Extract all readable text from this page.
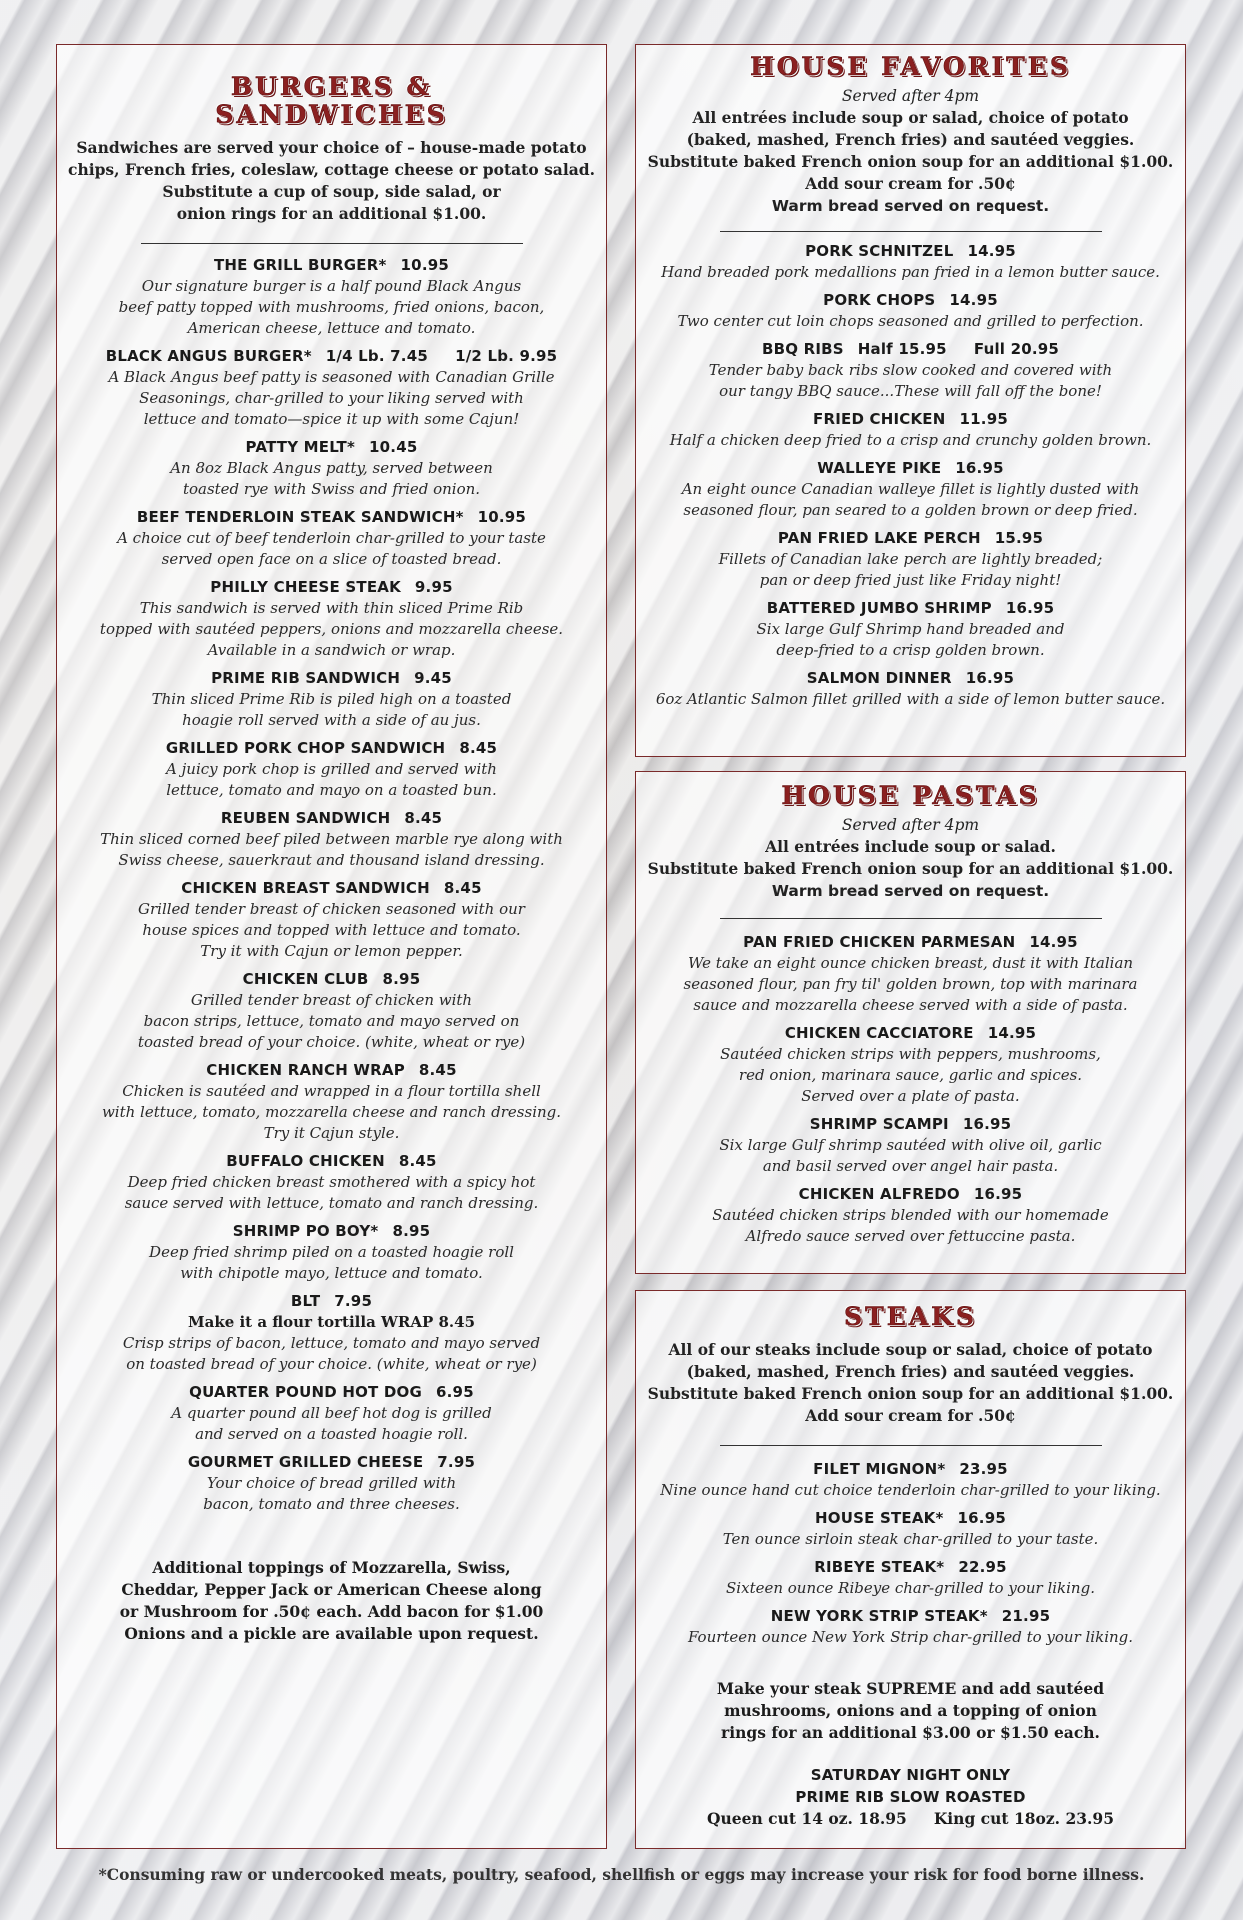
BURGERS &
SANDWICHES
Sandwiches are served your choice of – house-made potato
chips, French fries, coleslaw, cottage cheese or potato salad.
Substitute a cup of soup, side salad, or
onion rings for an additional $1.00.
THE GRILL BURGER* 10.95
Our signature burger is a half pound Black Angus
beef patty topped with mushrooms, fried onions, bacon,
American cheese, lettuce and tomato.
BLACK ANGUS BURGER* 1/4 Lb. 7.45     1/2 Lb. 9.95
A Black Angus beef patty is seasoned with Canadian Grille
Seasonings, char-grilled to your liking served with
lettuce and tomato—spice it up with some Cajun!
PATTY MELT* 10.45
An 8oz Black Angus patty, served between
toasted rye with Swiss and fried onion.
BEEF TENDERLOIN STEAK SANDWICH* 10.95
A choice cut of beef tenderloin char-grilled to your taste
served open face on a slice of toasted bread.
PHILLY CHEESE STEAK 9.95
This sandwich is served with thin sliced Prime Rib
topped with sautéed peppers, onions and mozzarella cheese.
Available in a sandwich or wrap.
PRIME RIB SANDWICH 9.45
Thin sliced Prime Rib is piled high on a toasted
hoagie roll served with a side of au jus.
GRILLED PORK CHOP SANDWICH 8.45
A juicy pork chop is grilled and served with
lettuce, tomato and mayo on a toasted bun.
REUBEN SANDWICH 8.45
Thin sliced corned beef piled between marble rye along with
Swiss cheese, sauerkraut and thousand island dressing.
CHICKEN BREAST SANDWICH 8.45
Grilled tender breast of chicken seasoned with our
house spices and topped with lettuce and tomato.
Try it with Cajun or lemon pepper.
CHICKEN CLUB 8.95
Grilled tender breast of chicken with
bacon strips, lettuce, tomato and mayo served on
toasted bread of your choice. (white, wheat or rye)
CHICKEN RANCH WRAP 8.45
Chicken is sautéed and wrapped in a flour tortilla shell
with lettuce, tomato, mozzarella cheese and ranch dressing.
Try it Cajun style.
BUFFALO CHICKEN 8.45
Deep fried chicken breast smothered with a spicy hot
sauce served with lettuce, tomato and ranch dressing.
SHRIMP PO BOY* 8.95
Deep fried shrimp piled on a toasted hoagie roll
with chipotle mayo, lettuce and tomato.
BLT 7.95
Make it a flour tortilla WRAP 8.45
Crisp strips of bacon, lettuce, tomato and mayo served
on toasted bread of your choice. (white, wheat or rye)
QUARTER POUND HOT DOG 6.95
A quarter pound all beef hot dog is grilled
and served on a toasted hoagie roll.
GOURMET GRILLED CHEESE 7.95
Your choice of bread grilled with
bacon, tomato and three cheeses.
Additional toppings of Mozzarella, Swiss,
Cheddar, Pepper Jack or American Cheese along
or Mushroom for .50¢ each. Add bacon for $1.00
Onions and a pickle are available upon request.
HOUSE FAVORITES
Served after 4pm
All entrées include soup or salad, choice of potato
(baked, mashed, French fries) and sautéed veggies.
Substitute baked French onion soup for an additional $1.00.
Add sour cream for .50¢
Warm bread served on request.
PORK SCHNITZEL 14.95
Hand breaded pork medallions pan fried in a lemon butter sauce.
PORK CHOPS 14.95
Two center cut loin chops seasoned and grilled to perfection.
BBQ RIBS Half 15.95     Full 20.95
Tender baby back ribs slow cooked and covered with
our tangy BBQ sauce...These will fall off the bone!
FRIED CHICKEN 11.95
Half a chicken deep fried to a crisp and crunchy golden brown.
WALLEYE PIKE 16.95
An eight ounce Canadian walleye fillet is lightly dusted with
seasoned flour, pan seared to a golden brown or deep fried.
PAN FRIED LAKE PERCH 15.95
Fillets of Canadian lake perch are lightly breaded;
pan or deep fried just like Friday night!
BATTERED JUMBO SHRIMP 16.95
Six large Gulf Shrimp hand breaded and
deep-fried to a crisp golden brown.
SALMON DINNER 16.95
6oz Atlantic Salmon fillet grilled with a side of lemon butter sauce.
HOUSE PASTAS
Served after 4pm
All entrées include soup or salad.
Substitute baked French onion soup for an additional $1.00.
Warm bread served on request.
PAN FRIED CHICKEN PARMESAN 14.95
We take an eight ounce chicken breast, dust it with Italian
seasoned flour, pan fry til' golden brown, top with marinara
sauce and mozzarella cheese served with a side of pasta.
CHICKEN CACCIATORE 14.95
Sautéed chicken strips with peppers, mushrooms,
red onion, marinara sauce, garlic and spices.
Served over a plate of pasta.
SHRIMP SCAMPI 16.95
Six large Gulf shrimp sautéed with olive oil, garlic
and basil served over angel hair pasta.
CHICKEN ALFREDO 16.95
Sautéed chicken strips blended with our homemade
Alfredo sauce served over fettuccine pasta.
STEAKS
All of our steaks include soup or salad, choice of potato
(baked, mashed, French fries) and sautéed veggies.
Substitute baked French onion soup for an additional $1.00.
Add sour cream for .50¢
FILET MIGNON* 23.95
Nine ounce hand cut choice tenderloin char-grilled to your liking.
HOUSE STEAK* 16.95
Ten ounce sirloin steak char-grilled to your taste.
RIBEYE STEAK* 22.95
Sixteen ounce Ribeye char-grilled to your liking.
NEW YORK STRIP STEAK* 21.95
Fourteen ounce New York Strip char-grilled to your liking.
Make your steak SUPREME and add sautéed
mushrooms, onions and a topping of onion
rings for an additional $3.00 or $1.50 each.
SATURDAY NIGHT ONLY
PRIME RIB SLOW ROASTED
Queen cut 14 oz. 18.95     King cut 18oz. 23.95
*Consuming raw or undercooked meats, poultry, seafood, shellfish or eggs may increase your risk for food borne illness.
